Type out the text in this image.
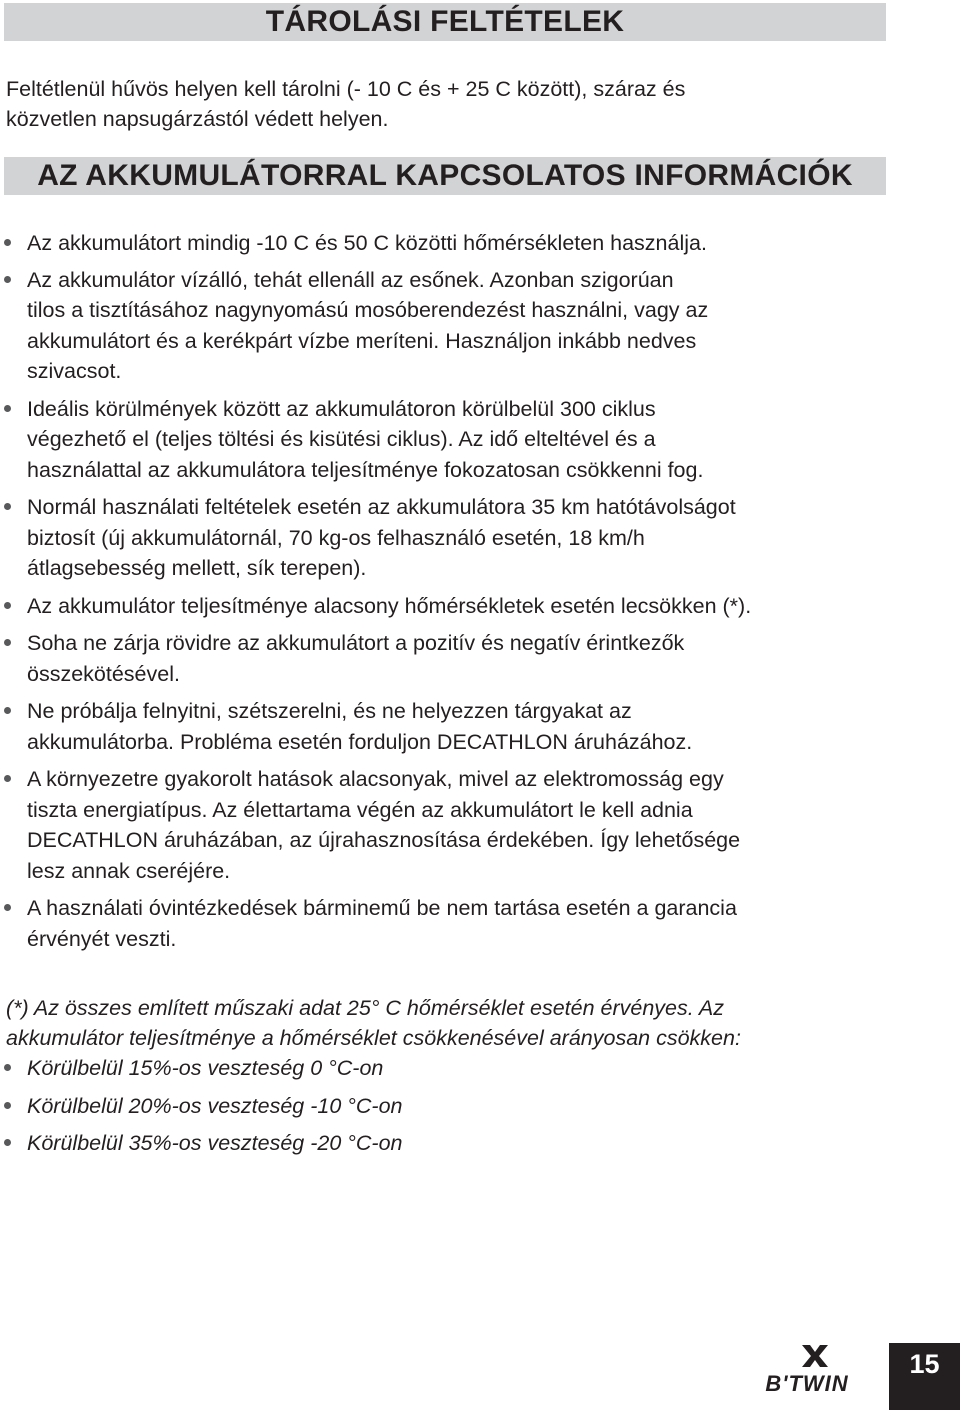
TÁROLÁSI FELTÉTELEK
Feltétlenül hűvös helyen kell tárolni (- 10 C és + 25 C között), száraz és
közvetlen napsugárzástól védett helyen.
AZ AKKUMULÁTORRAL KAPCSOLATOS INFORMÁCIÓK
Az akkumulátort mindig -10 C és 50 C közötti hőmérsékleten használja.
Az akkumulátor vízálló, tehát ellenáll az esőnek. Azonban szigorúan
tilos a tisztításához nagynyomású mosóberendezést használni, vagy az
akkumulátort és a kerékpárt vízbe meríteni. Használjon inkább nedves
szivacsot.
Ideális körülmények között az akkumulátoron körülbelül 300 ciklus
végezhető el (teljes töltési és kisütési ciklus). Az idő elteltével és a
használattal az akkumulátora teljesítménye fokozatosan csökkenni fog.
Normál használati feltételek esetén az akkumulátora 35 km hatótávolságot
biztosít (új akkumulátornál, 70 kg-os felhasználó esetén, 18 km/h
átlagsebesség mellett, sík terepen).
Az akkumulátor teljesítménye alacsony hőmérsékletek esetén lecsökken (*).
Soha ne zárja rövidre az akkumulátort a pozitív és negatív érintkezők
összekötésével.
Ne próbálja felnyitni, szétszerelni, és ne helyezzen tárgyakat az
akkumulátorba. Probléma esetén forduljon DECATHLON áruházához.
A környezetre gyakorolt hatások alacsonyak, mivel az elektromosság egy
tiszta energiatípus. Az élettartama végén az akkumulátort le kell adnia
DECATHLON áruházában, az újrahasznosítása érdekében. Így lehetősége
lesz annak cseréjére.
A használati óvintézkedések bárminemű be nem tartása esetén a garancia
érvényét veszti.
(*) Az összes említett műszaki adat 25° C hőmérséklet esetén érvényes. Az
akkumulátor teljesítménye a hőmérséklet csökkenésével arányosan csökken:
Körülbelül 15%-os veszteség 0 °C-on
Körülbelül 20%-os veszteség -10 °C-on
Körülbelül 35%-os veszteség -20 °C-on
B'TWIN
15
